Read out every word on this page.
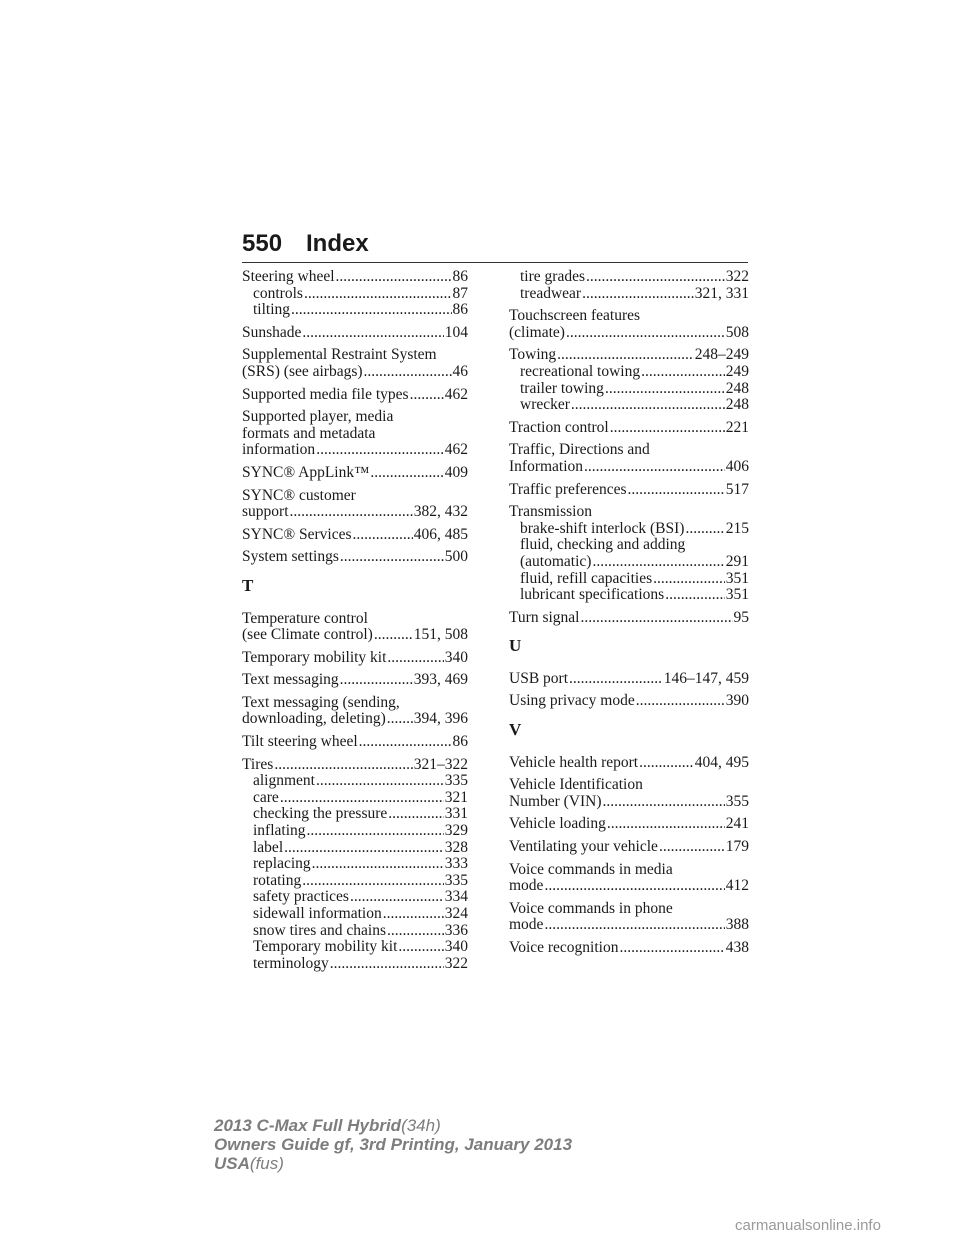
550 Index
Steering wheel .....	86
controls .....	87
tilting .....	86
Sunshade .....	104
Supplemental Restraint System
(SRS) (see airbags) .....	46
Supported media file types ..... 462
Supported player, media
formats and metadata
information .....	462
SYNC® AppLink™ .....	409
SYNC® customer
support .....	382, 432
SYNC® Services .....	406, 485
System settings .....	500
T
Temperature control
(see Climate control) .....	151, 508
Temporary mobility kit .....	340
Text messaging .....	393, 469
Text messaging (sending,
downloading, deleting) ..... 394, 396
Tilt steering wheel .....	86
Tires .....	321–322
alignment .....	335
care .....	321
checking the pressure .....	331
inflating .....	329
label .....	328
replacing .....	333
rotating .....	335
safety practices .....	334
sidewall information .....	324
snow tires and chains .....	336
Temporary mobility kit .....	340
terminology .....	322
tire grades .....	322
treadwear .....	321, 331
Touchscreen features
(climate) .....	508
Towing .....	248–249
recreational towing .....	249
trailer towing .....	248
wrecker .....	248
Traction control .....	221
Traffic, Directions and
Information .....	406
Traffic preferences .....	517
Transmission
brake-shift interlock (BSI) .....	215
fluid, checking and adding
(automatic) .....	291
fluid, refill capacities .....	351
lubricant specifications .....	351
Turn signal .....	95
U
USB port .....	146–147, 459
Using privacy mode .....	390
V
Vehicle health report .....	404, 495
Vehicle Identification
Number (VIN) .....	355
Vehicle loading .....	241
Ventilating your vehicle .....	179
Voice commands in media
mode .....	412
Voice commands in phone
mode .....	388
Voice recognition .....	438
2013 C-Max Full Hybrid(34h)
Owners Guide gf, 3rd Printing, January 2013
USA(fus)
carmanualsonline.info
